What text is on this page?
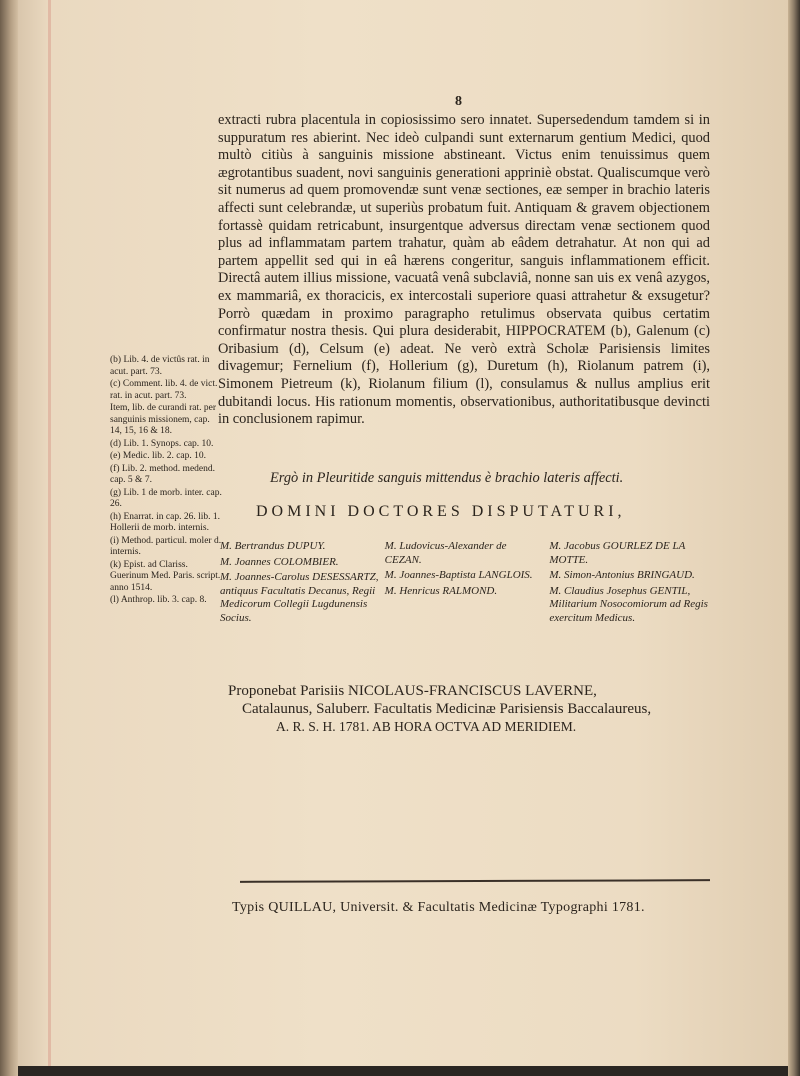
8

extracti rubra placentula in copiosissimo sero innatet. Supersedendum tamdem si in suppuratum res abierint. Nec ideò culpandi sunt externarum gentium Medici, quod multò citiùs à sanguinis missione abstineant. Victus enim tenuissimus quem ægrotantibus suadent, novi sanguinis generationi appriniè obstat. Qualiscumque verò sit numerus ad quem promovendæ sunt venæ sectiones, eæ semper in brachio lateris affecti sunt celebrandæ, ut superiùs probatum fuit. Antiquam & gravem objectionem fortassè quidam retricabunt, insurgentque adversus directam venæ sectionem quod plus ad inflammatam partem trahatur, quàm ab eâdem detrahatur. At non qui ad partem appellit sed qui in eâ hærens congeritur, sanguis inflammationem efficit. Directâ autem illius missione, vacuatâ venâ subclaviâ, nonne san uis ex venâ azygos, ex mammariâ, ex thoracicis, ex intercostali superiore quasi attrahetur & exsugetur? Porrò quædam in proximo paragrapho retulimus observata quibus certatim confirmatur nostra thesis. Qui plura desiderabit, HIPPOCRATEM (b), Galenum (c) Oribasium (d), Celsum (e) adeat. Ne verò extrà Scholæ Parisiensis limites divagemur; Fernelium (f), Hollerium (g), Duretum (h), Riolanum patrem (i), Simonem Pietreum (k), Riolanum filium (l), consulamus & nullus amplius erit dubitandi locus. His rationum momentis, observationibus, authoritatibusque devincti in conclusionem rapimur.

Ergò in Pleuritide sanguis mittendus è brachio lateris affecti.
DOMINI DOCTORES DISPUTATURI,

(b) Lib. 4. de victûs rat. in acut. part. 73.

(c) Comment. lib. 4. de vict. rat. in acut. part. 73.

Item, lib. de curandi rat. per sanguinis missionem, cap. 14, 15, 16 & 18.

(d) Lib. 1. Synops. cap. 10.

(e) Medic. lib. 2. cap. 10.

(f) Lib. 2. method. medend. cap. 5 & 7.

(g) Lib. 1 de morb. inter. cap. 26.

(h) Enarrat. in cap. 26. lib. 1. Hollerii de morb. internis.

(i) Method. particul. moler d. internis.

(k) Epist. ad Clariss. Guerinum Med. Paris. script. anno 1514.

(l) Anthrop. lib. 3. cap. 8.

M. Bertrandus DUPUY.

M. Joannes COLOMBIER.

M. Joannes-Carolus DESESSARTZ, antiquus Facultatis Decanus, Regii Medicorum Collegii Lugdunensis Socius.

M. Ludovicus-Alexander de CEZAN.

M. Joannes-Baptista LANGLOIS.

M. Henricus RALMOND.

M. Jacobus GOURLEZ DE LA MOTTE.

M. Simon-Antonius BRINGAUD.

M. Claudius Josephus GENTIL, Militarium Nosocomiorum ad Regis exercitum Medicus.

Proponebat Parisiis NICOLAUS-FRANCISCUS LAVERNE,

Catalaunus, Saluberr. Facultatis Medicinæ Parisiensis Baccalaureus,

A. R. S. H. 1781. AB HORA OCTVA AD MERIDIEM.

Typis QUILLAU, Universit. & Facultatis Medicinæ Typographi 1781.
